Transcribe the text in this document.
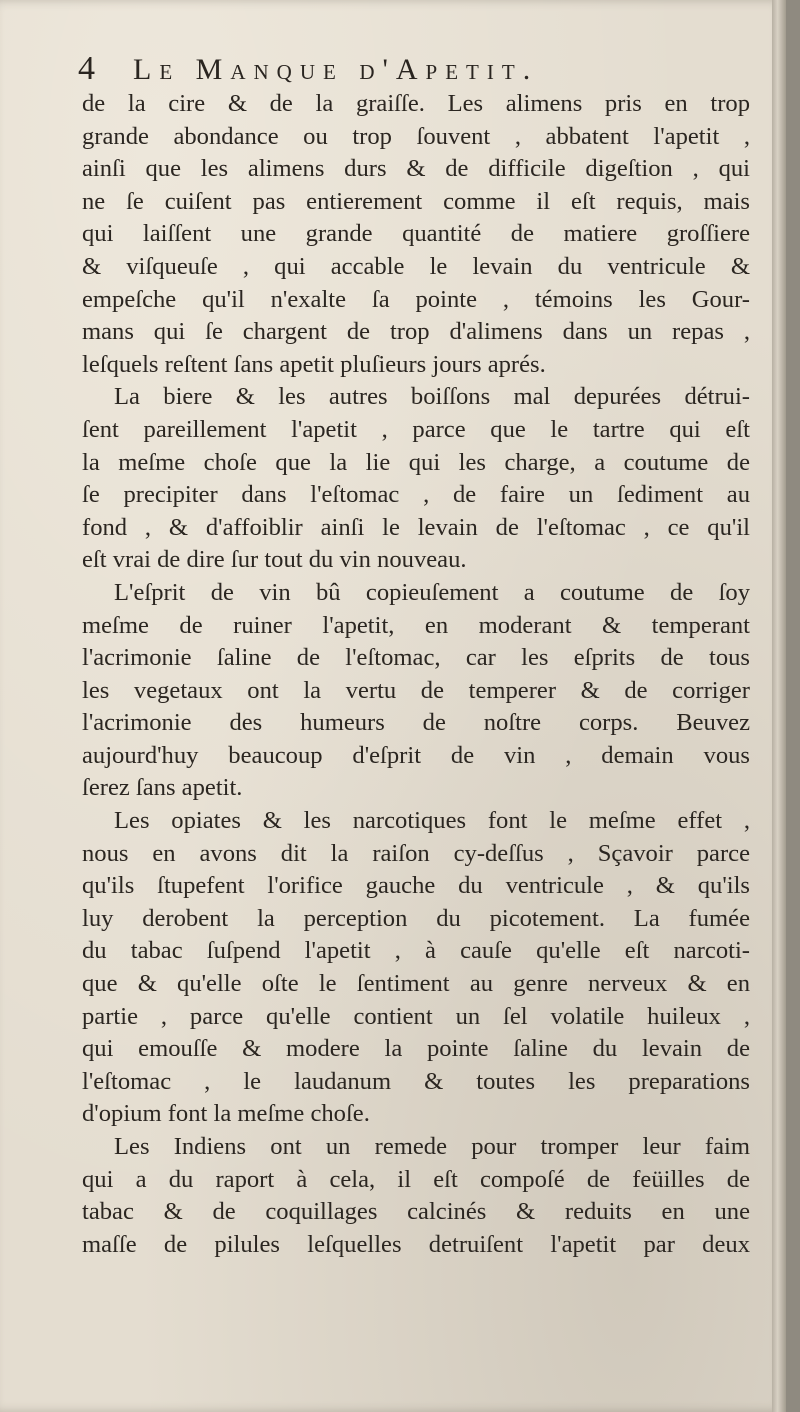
4 Le Manque d'Apetit.
de la cire & de la graiſſe. Les alimens pris en trop
grande abondance ou trop ſouvent , abbatent l'apetit ,
ainſi que les alimens durs & de difficile digeſtion , qui
ne ſe cuiſent pas entierement comme il eſt requis, mais
qui laiſſent une grande quantité de matiere groſſiere
& viſqueuſe , qui accable le levain du ventricule &
empeſche qu'il n'exalte ſa pointe , témoins les Gour-
mans qui ſe chargent de trop d'alimens dans un repas ,
leſquels reſtent ſans apetit pluſieurs jours aprés.
La biere & les autres boiſſons mal depurées détrui-
ſent pareillement l'apetit , parce que le tartre qui eſt
la meſme choſe que la lie qui les charge, a coutume de
ſe precipiter dans l'eſtomac , de faire un ſediment au
fond , & d'affoiblir ainſi le levain de l'eſtomac , ce qu'il
eſt vrai de dire ſur tout du vin nouveau.
L'eſprit de vin bû copieuſement a coutume de ſoy
meſme de ruiner l'apetit, en moderant & temperant
l'acrimonie ſaline de l'eſtomac, car les eſprits de tous
les vegetaux ont la vertu de temperer & de corriger
l'acrimonie des humeurs de noſtre corps. Beuvez
aujourd'huy beaucoup d'eſprit de vin , demain vous
ſerez ſans apetit.
Les opiates & les narcotiques font le meſme effet ,
nous en avons dit la raiſon cy-deſſus , Sçavoir parce
qu'ils ſtupefent l'orifice gauche du ventricule , & qu'ils
luy derobent la perception du picotement. La fumée
du tabac ſuſpend l'apetit , à cauſe qu'elle eſt narcoti-
que & qu'elle oſte le ſentiment au genre nerveux & en
partie , parce qu'elle contient un ſel volatile huileux ,
qui emouſſe & modere la pointe ſaline du levain de
l'eſtomac , le laudanum & toutes les preparations
d'opium font la meſme choſe.
Les Indiens ont un remede pour tromper leur faim
qui a du raport à cela, il eſt compoſé de feüilles de
tabac & de coquillages calcinés & reduits en une
maſſe de pilules leſquelles detruiſent l'apetit par deux
